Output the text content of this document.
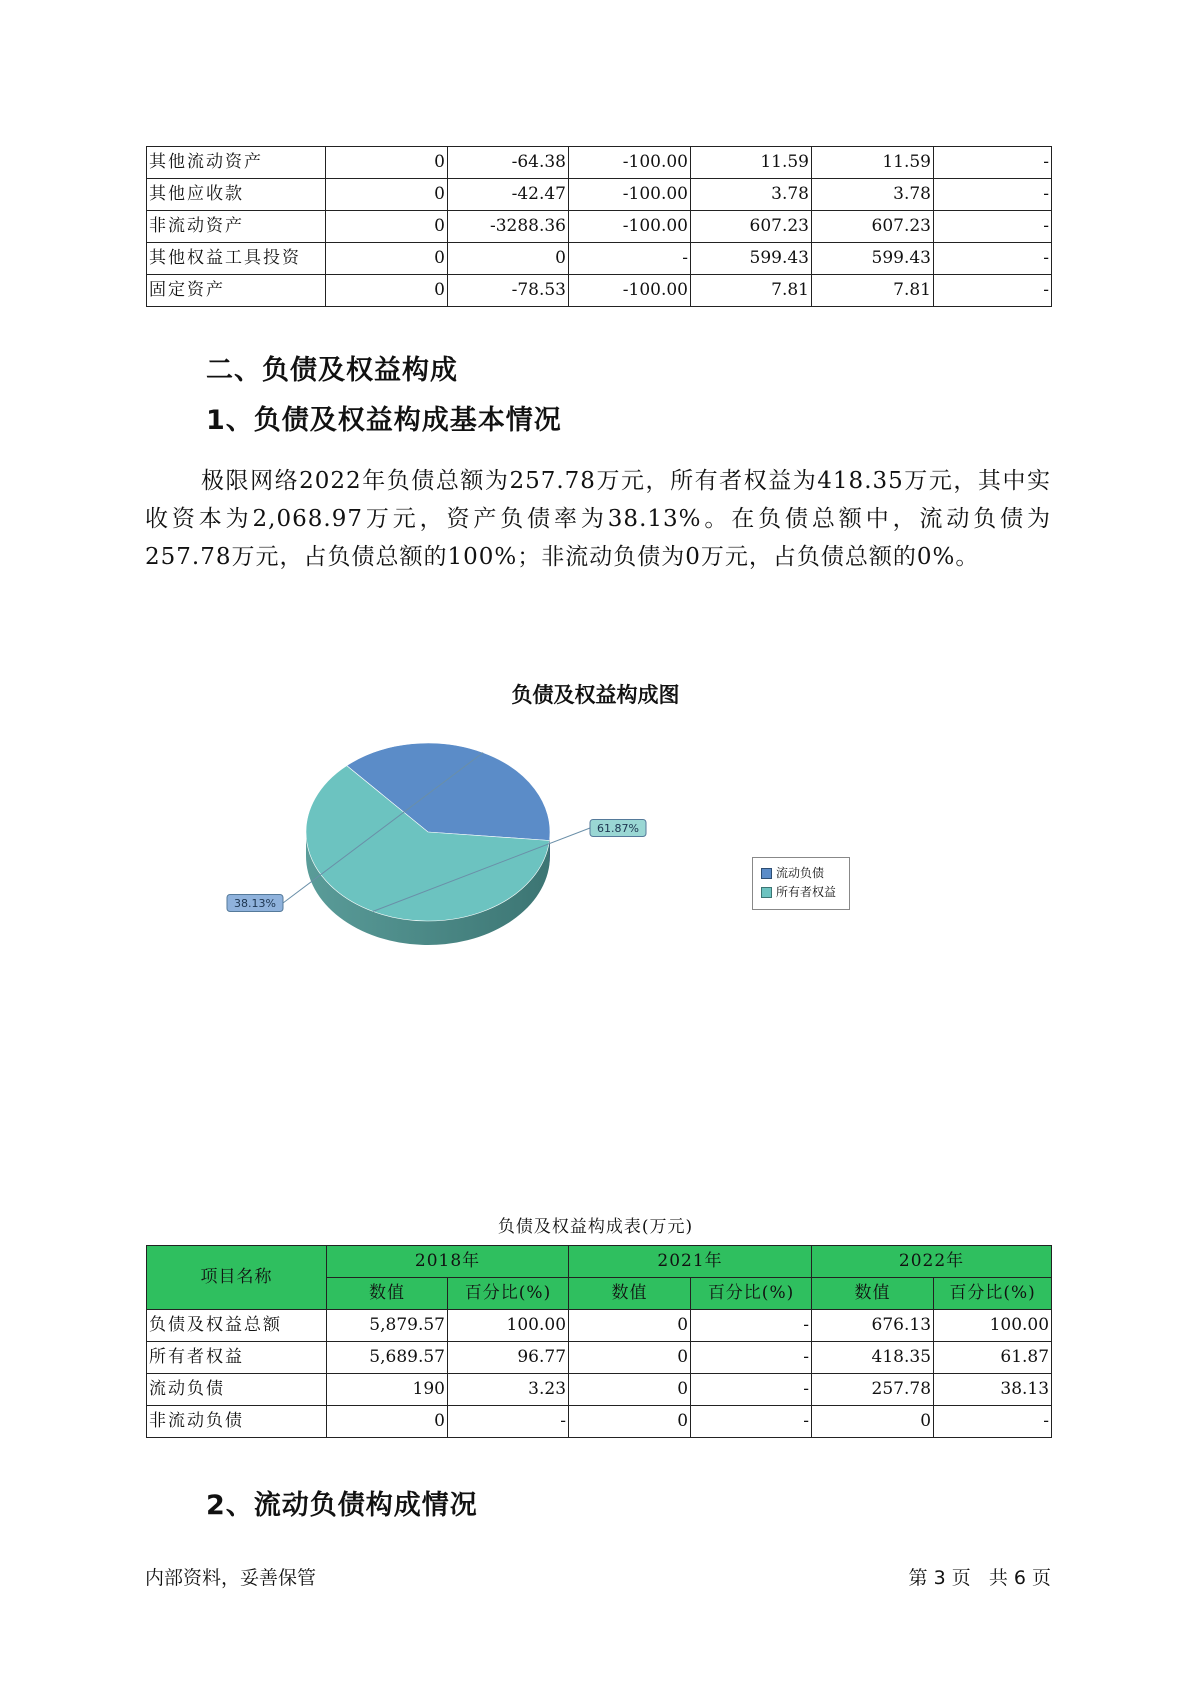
其他流动资产	0	-64.38	-100.00	11.59	11.59	-
其他应收款	0	-42.47	-100.00	3.78	3.78	-
非流动资产	0	-3288.36	-100.00	607.23	607.23	-
其他权益工具投资	0	0	-	599.43	599.43	-
固定资产	0	-78.53	-100.00	7.81	7.81	-
二、负债及权益构成
1、负债及权益构成基本情况
极限网络2022年负债总额为257.78万元，所有者权益为418.35万元，其中实收资本为2,068.97万元，资产负债率为38.13%。在负债总额中，流动负债为257.78万元，占负债总额的100%；非流动负债为0万元，占负债总额的0%。
负债及权益构成图
38.13%
61.87%
流动负债
所有者权益
负债及权益构成表(万元)
项目名称	2018年		2021年		2022年	
	数值	百分比(%)	数值	百分比(%)	数值	百分比(%)
负债及权益总额	5,879.57	100.00	0	-	676.13	100.00
所有者权益	5,689.57	96.77	0	-	418.35	61.87
流动负债	190	3.23	0	-	257.78	38.13
非流动负债	0	-	0	-	0	-
2、流动负债构成情况
内部资料，妥善保管	第 3 页   共 6 页
